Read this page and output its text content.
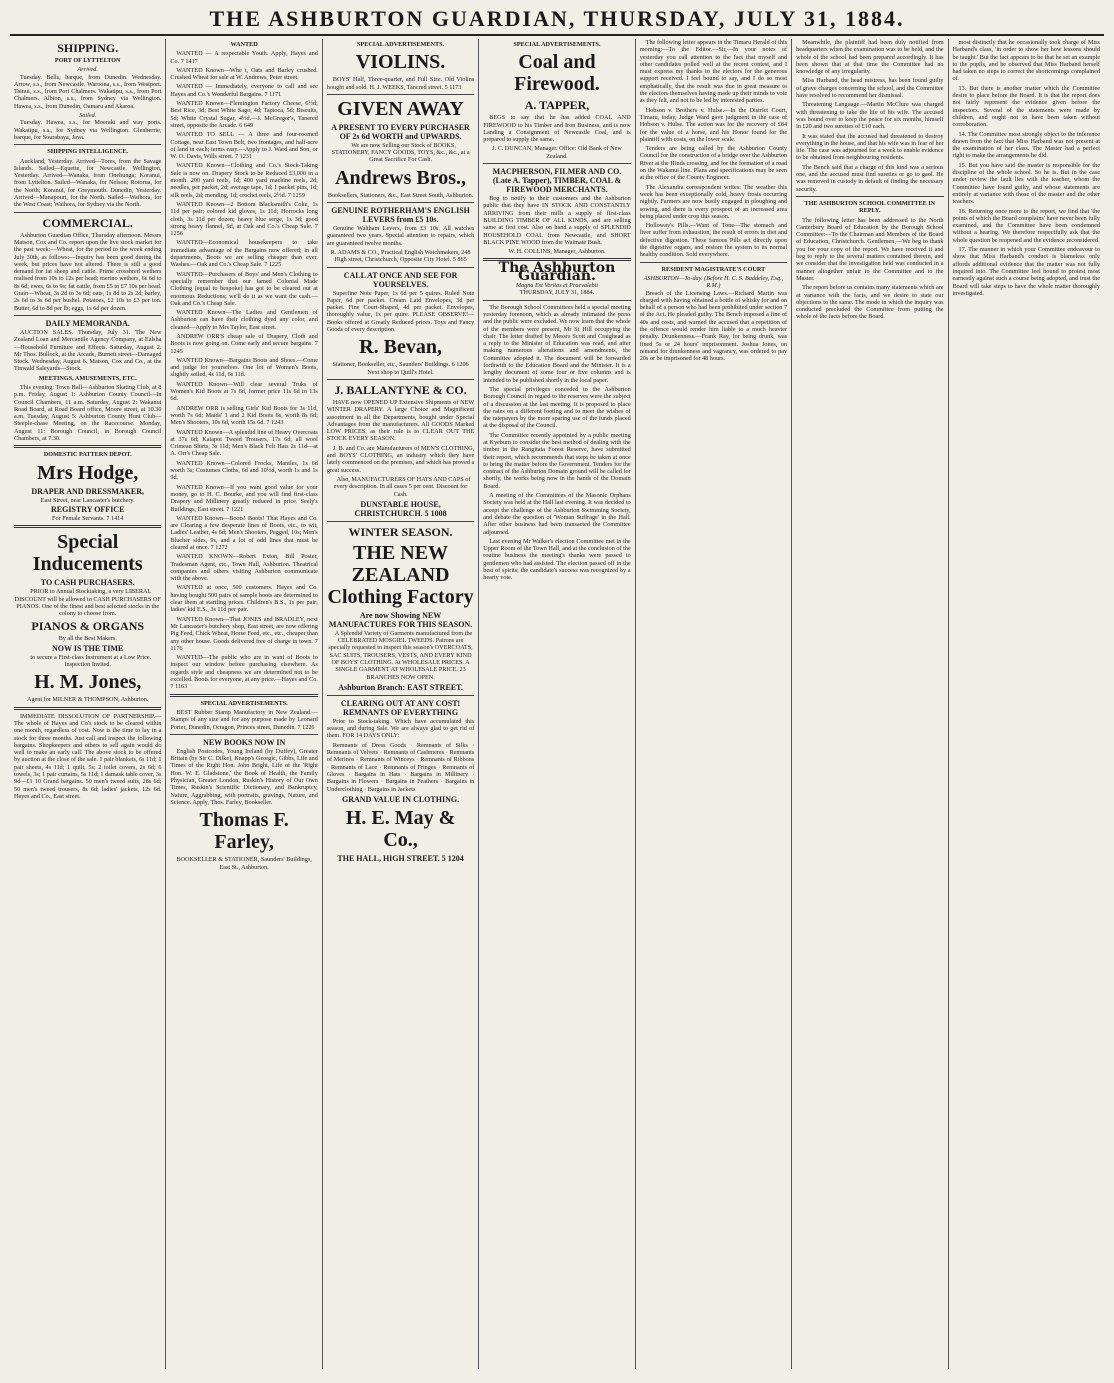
THE ASHBURTON GUARDIAN, THURSDAY, JULY 31, 1884.
SHIPPING.
PORT OF LYTTELTON
Arrived.

Tuesday. Bells, barque, from Dunedin. Wednesday. Arrow, s.s., from Newcastle. Waroona, s.s., from Westport. Tainui, s.s., from Port Chalmers. Wakatipu, s.s., from Port Chalmers. Albion, s.s., from Sydney via Wellington. Hawea, s.s., from Dunedin, Oamaru and Akaroa.

Sailed.

Tuesday. Hawea, s.s., for Moeraki and way ports. Wakatipu, s.s., for Sydney via Wellington. Glenberrie, barque, for Sourabaya, Java.

SHIPPING INTELLIGENCE.

Auckland, Yesterday. Arrived—Tores, from the Savage Islands. Sailed—Equette, for Newcastle. Wellington, Yesterday. Arrived—Wanaka, from Onehunga; Koranui, from Lyttelton. Sailed—Wanaka, for Nelson; Rotorua, for the North; Koranui, for Greymouth. Dunedin, Yesterday. Arrived—Manapouri, for the North. Sailed—Waihora, for the West Coast; Waihora, for Sydney via the North.

COMMERCIAL.

Ashburton Guardian Office, Thursday afternoon. Messrs Matson, Cox and Co. report upon the live stock market for the past week:—Wheat, for the period to the week ending July 30th, as follows:—Inquiry has been good during the week, but prices have not altered. There is still a good demand for fat sheep and cattle. Prime crossbred wethers realised from 10s to 12s per head; merino wethers, 6s 6d to 8s 6d; ewes, 6s to 9s; fat cattle, from £5 to £7 10s per head. Grain—Wheat, 3s 2d to 3s 6d; oats, 1s 8d to 2s 2d; barley, 2s 6d to 3s 6d per bushel. Potatoes, £2 10s to £3 per ton. Butter, 6d to 8d per lb; eggs, 1s 6d per dozen.

DAILY MEMORANDA.

AUCTION SALES. Thursday, July 31. The New Zealand Loan and Mercantile Agency Company, at Ealsha—Household Furniture and Effects. Saturday, August 2. Mr Thos. Bullock, at the Arcade, Burnett street—Damaged Stock. Wednesday, August 6. Matson, Cox and Co., at the Tinwald Saleyards—Stock.

MEETINGS, AMUSEMENTS, ETC.

This evening: Town Hall—Ashburton Skating Club, at 8 p.m. Friday, August 1: Ashburton County Council—In Council Chambers, 11 a.m. Saturday, August 2: Wakanui Road Board, at Road Board office, Moore street, at 10.30 a.m. Tuesday, August 5: Ashburton County Hunt Club—Steeple-chase Meeting, on the Racecourse. Monday, August 11: Borough Council, in Borough Council Chambers, at 7.30.

DOMESTIC PATTERN DEPOT.
Mrs Hodge,
DRAPER AND DRESSMAKER,
East Street, near Lancaster's butchery.
REGISTRY OFFICE
For Female Servants. 7 1414
Special Inducements
TO CASH PURCHASERS.

PRIOR to Annual Stocktaking, a very LIBERAL DISCOUNT will be allowed to CASH PURCHASERS OF PIANOS. One of the finest and best selected stocks in the colony to choose from.

PIANOS & ORGANS
By all the Best Makers.
NOW IS THE TIME

to secure a First-class Instrument at a Low Price. Inspection Invited.

H. M. Jones,
Agent for MILNER & THOMPSON, Ashburton.

IMMEDIATE DISSOLUTION OF PARTNERSHIP.—The whole of Hayes and Co's stock to be cleared within one month, regardless of cost. Now is the time to lay in a stock for three months. Just call and inspect the following bargains. Shopkeepers and others to sell again would do well to make an early call. The above stock to be offered by auction at the close of the sale. 1 pair blankets, 6s 11d; 1 pair sheets, 4s 11d; 1 quilt, 5s; 2 toilet covers, 2s 6d; 6 towels, 3s; 1 pair curtains, 5s 11d; 1 damask table cover, 3s 9d—£1 10 Grand bargains. 50 men's tweed suits, 28s 6d; 50 men's tweed trousers, 8s 6d; ladies' jackets, 12s 6d. Hayes and Co., East street.

WANTED

WANTED — A respectable Youth. Apply, Hayes and Co. 7 1417

WANTED Known—Whe t, Oats and Barley crushed. Crushed Wheat for sale at W. Andrews, Peter street.

WANTED — Immediately, everyone to call and see Hayes and Co.'s Wonderful Bargains. 7 1171

WANTED Known—Flemington Factory Cheese, 6½d; Best Rice, 3d; Best White Sago, 4d; Tapioca, 5d; Biscuits, 5d; White Crystal Sugar, 4½d.—J. McGregor's, Tanered street, opposite the Arcade. 6 649

WANTED TO SELL — A three and four-roomed Cottage, near East Town Belt, two frontages, and half-acre of land in each; terms easy.—Apply to J. Ward and Son, or W. O. Davis, Wills street. 7 1231

WANTED Known—Clothing and Co.'s Stock-Taking Sale is now on. Drapery Stock to be Reduced £3,000 in a month. 200 yard reels, 1d; 400 yard machine reels, 2d; needles, per packet, 2d; average tape, 1d; 1 packet pins, 1d; silk reels, 2d; mending, 1d; crochet reels, 2½d. 7 1259

WANTED Known—2 Bottom Blacksmith's Coke, 1s 11d per pair; colored kid gloves, 1s 11d; Horrocks long cloth, 3s 11d per dozen; heavy blue serge, 1s 3d; good strong heavy flannel, 9d, at Oak and Co.'s Cheap Sale. 7 1256

WANTED—Economical housekeepers to take immediate advantage of the Bargains now offered; in all departments, Boots we are selling cheaper than ever. Washes.—Oak and Co.'s Cheap Sale. 7 1225

WANTED—Purchasers of Boys' and Men's Clothing to specially remember that our famed Colonial Made Clothing (equal to bespoke) has got to be cleared out at enormous Reductions; we'll do it as we want the cash.—Oak and Co.'s Cheap Sale.

WANTED Known—The Ladies and Gentlemen of Ashburton can have their clothing dyed any color, and cleaned—Apply to Mrs Taylor, East street.

ANDREW ORR'S cheap sale of Drapery, Cloth and Boots is now going on. Come early and secure bargains. 7 1245

WANTED Known—Bargains Boots and Shoes.—Come and judge for yourselves. One lot of Women's Boots, slightly soiled, 4s 11d, 6s 11d.

WANTED Known—Will clear several Truks of Women's Kid Boots at 7s 6d, former price 11s 6d to 13s 6d.

ANDREW ORR is selling Girls' Kid Boots for 3s 11d, worth 7s 6d; Maids' 1 and 2 Kid Boots 6s, worth 8s 6d; Men's Shooters, 10s 6d, worth 15s 6d. 7 1243

WANTED Known—A splendid line of Heavy Overcoats at 37s 6d; Kaiapoi Tweed Trousers, 17s 6d; all wool Crimean Shirts, 3s 11d; Men's Black Felt Hats 2s 11d—at A. Orr's Cheap Sale.

WANTED Known—Colored Frocks, Mantles, 1s 6d worth 3s; Costumes Cloths, 6d and 10½d, worth 1s and 1s 9d.

WANTED Known—If you want good value for your money, go to H. C. Bourke, and you will find first-class Drapery and Millinery greatly reduced in price. Seely's Buildings, East street. 7 1221

WANTED Known—Boots! Boots! That Hayes and Co. are Clearing a few desperate lines of Boots, etc., to wit, Ladies' Leather, 4s 6d; Men's Shooters, Pegged, 10s; Men's Blucher sides, 9s, and a lot of odd lines that must be cleared at once. 7 1272

WANTED KNOWN—Robert Exton, Bill Poster, Tradesman Agent, etc., Town Hall, Ashburton. Theatrical companies and others visiting Ashburton communicate with the above.

WANTED at once, 500 customers. Hayes and Co. having bought 500 pairs of sample boots are determined to clear them at startling prices. Children's B.S., 1s per pair; ladies' kid E.S., 3s 11d per pair.

WANTED Known—That JONES and BRADLEY, next Mr Lancaster's butchery shop, East street, are now offering Pig Feed, Chick Wheat, Horse Feed, etc., etc., cheaper than any other house. Goods delivered free of charge in town. 7 1176

WANTED—The public who are in want of Boots to inspect our window before purchasing elsewhere. As regards style and cheapness we are determined not to be excelled. Boots for everyone, at any price.—Hayes and Co. 7 1163

SPECIAL ADVERTISEMENTS.

BEST Rubber Stamp Manufactory in New Zealand.—Stamps of any size and for any purpose made by Leonard Porter, Dunedin, Octagon, Princes street, Dunedin. 7 1226

NEW BOOKS NOW IN

English Postcodes, Young Ireland (by Duffey), Greater Britain (by Sir C. Dilke), Knapp's Georgic, Gibbs, Life and Times of the Right Hon. John Bright, Life of the 'Right Hon. W. E. Gladstone,' the Book of Health, the Family Physician, Greater London, Ruskin's History of Our Own Times, Ruskin's Scientific Dictionary, and Bankruptcy, Nature, Aggrabbing, with portraits, gravings, Nature, and Science. Apply, Thos. Farley, Bookseller.

Thomas F. Farley,
BOOKSELLER & STATIONER, Saunders' Buildings, East St., Ashburton.
SPECIAL ADVERTISEMENTS.
VIOLINS.

BOYS' Half, Three-quarter, and Full Size. Old Violins bought and sold. H. J. WEEKS, Tancred street. 5 1173

GIVEN AWAY
A PRESENT TO EVERY PURCHASER OF 2s 6d WORTH and UPWARDS.

We are now Selling our Stock of BOOKS, STATIONERY, FANCY GOODS, TOYS, &c., &c., at a Great Sacrifice For Cash.

Andrews Bros.,
Booksellers, Stationers, &c., East Street South, Ashburton.
GENUINE ROTHERHAM'S ENGLISH LEVERS from £5 10s.

Genuine Waltham Levers, from £3 10s. All watches guaranteed two years. Special attention to repairs, which are guaranteed twelve months.

R. ADAMS & CO., Practical English Watchmakers, 248 High street, Christchurch, Opposite City Hotel. 5 865
CALL AT ONCE AND SEE FOR YOURSELVES.

Superfine Note Paper, 1s 6d per 5 quires. Ruled Note Paper, 6d per packet. Cream Laid Envelopes, 3d per packet. Fine Court-Shaped, 4d per packet. Envelopes, thoroughly value, 1s per quire. PLEASE OBSERVE!—Books offered at Greatly Reduced prices. Toys and Fancy Goods of every description.

R. Bevan,
Stationer, Bookseller, etc., Saunders' Buildings. 6 1206 Next shop to Quill's Hotel.
J. BALLANTYNE & CO.

HAVE now OPENED UP Extensive Shipments of NEW WINTER DRAPERY. A large Choice and Magnificent assortment in all the Departments, bought under Special Advantages from the manufacturers. All GOODS Marked LOW PRICES, as their rule is to CLEAR OUT THE STOCK EVERY SEASON.

J. B. and Co. are Manufacturers of MEN'S CLOTHING, and BOYS' CLOTHING, an industry which they have lately commenced on the premises, and which has proved a great success.

Also, MANUFACTURERS OF HATS AND CAPS of every description. In all cases 5 per cent. Discount for Cash.

DUNSTABLE HOUSE, CHRISTCHURCH. 5 1008
WINTER SEASON.
THE NEW ZEALAND Clothing Factory
Are now Showing NEW MANUFACTURES FOR THIS SEASON.

A Splendid Variety of Garments manufactured from the CELEBRATED MOSGIEL TWEEDS. Patrons are specially requested to inspect this season's OVERCOATS, SAC SUITS, TROUSERS, VESTS, AND EVERY KIND OF BOYS' CLOTHING. At WHOLESALE PRICES. A SINGLE GARMENT AT WHOLESALE PRICE. 23 BRANCHES NOW OPEN.

Ashburton Branch: EAST STREET.
CLEARING OUT AT ANY COST! REMNANTS OF EVERYTHING

Prior to Stock-taking. Which have accumulated this season, and during Sale. We are always glad to get rid of them. FOR 14 DAYS ONLY:

Remnants of Dress Goods · Remnants of Silks · Remnants of Velvets · Remnants of Cashmeres · Remnants of Merinos · Remnants of Winceys · Remnants of Ribbons · Remnants of Lace · Remnants of Fringes · Remnants of Gloves · Bargains in Hats · Bargains in Millinery · Bargains in Flowers · Bargains in Feathers · Bargains in Underclothing · Bargains in Jackets

GRAND VALUE IN CLOTHING.
H. E. May & Co.,
THE HALL, HIGH STREET. 5 1204
SPECIAL ADVERTISEMENTS.
Coal and Firewood.
A. TAPPER,

BEGS to say that he has added COAL AND FIREWOOD to his Timber and Iron Business, and is now Landing a Consignment of Newcastle Coal, and is prepared to supply the same.

J. C. DUNCAN, Manager. Office: Old Bank of New Zealand.
MACPHERSON, FILMER AND CO. (Late A. Tapper), TIMBER, COAL & FIREWOOD MERCHANTS.

Beg to notify to their customers and the Ashburton public that they have IN STOCK AND CONSTANTLY ARRIVING from their mills a supply of first-class BUILDING TIMBER OF ALL KINDS, and are selling same at first cost. Also on hand a supply of SPLENDID HOUSEHOLD COAL from Newcastle, and SHORT BLACK PINE WOOD from the Waimate Bush.

W. H. COLLINS, Manager, Ashburton.
The Ashburton Guardian.
Magna Est Veritas et Praevalebit
THURSDAY, JULY 31, 1884.

The Borough School Committees held a special meeting yesterday forenoon, which as already intimated the press and the public were excluded. We now learn that the whole of the members were present, Mr St Hill occupying the chair. The letter drafted by Messrs Scott and Craighead as a reply to the Minister of Education was read, and after making numerous alterations and amendments, the Committee adopted it. The document will be forwarded forthwith to the Education Board and the Minister. It is a lengthy document of some four or five columns and is intended to be published shortly in the local paper.

The special privileges conceded to the Ashburton Borough Council in regard to the reserves were the subject of a discussion at the last meeting. It is proposed to place the rates on a different footing and to meet the wishes of the ratepayers by the more sparing use of the funds placed at the disposal of the Council.

The Committee recently appointed by a public meeting at Kyeburn to consider the best method of dealing with the timber in the Rangitata Forest Reserve, have submitted their report, which recommends that steps be taken at once to bring the matter before the Government. Tenders for the contract of the Ashburton Domain ground will be called for shortly, the works being now in the hands of the Domain Board.

A meeting of the Committees of the Masonic Orphans Society was held at the Hall last evening. It was decided to accept the challenge of the Ashburton Swimming Society, and debate the question of 'Woman Suffrage' in the Hall. After other business had been transacted the Committee adjourned.

Last evening Mr Walker's election Committee met in the Upper Room of the Town Hall, and at the conclusion of the routine business the meeting's thanks were passed to gentlemen who had assisted. The election passed off in the best of spirits; the candidate's success was recognized by a hearty vote.

The following letter appears in the Timaru Herald of this morning:—To the Editor.—Sir,—In your notes of yesterday you call attention to the fact that myself and other candidates polled well at the recent contest, and I must express my thanks to the electors for the generous support received. I feel bound to say, and I do so most emphatically, that the result was due in great measure to the electors themselves having made up their minds to vote as they felt, and not to be led by interested parties.

Hobson v. Brothers v. Hulse.—In the District Court, Timaru, today, Judge Ward gave judgment in the case of Hobson v. Hulse. The action was for the recovery of £84 for the value of a horse, and his Honor found for the plaintiff with costs, on the lower scale.

Tenders are being called by the Ashburton County Council for the construction of a bridge over the Ashburton River at the Hinds crossing, and for the formation of a road on the Wakanui line. Plans and specifications may be seen at the office of the County Engineer.

The Alexandra correspondent writes: The weather this week has been exceptionally cold, heavy frosts occurring nightly. Farmers are now busily engaged in ploughing and sowing, and there is every prospect of an increased area being placed under crop this season.

Holloway's Pills.—Want of Tone—The stomach and liver suffer from exhaustion, the result of errors in diet and defective digestion. These famous Pills act directly upon the digestive organs, and restore the system to its normal healthy condition. Sold everywhere.

RESIDENT MAGISTRATE'S COURT
ASHBURTON—To-day. (Before H. C. S. Baddeley, Esq., R.M.)

Breach of the Licensing Laws.—Richard Martin was charged with having obtained a bottle of whisky for and on behalf of a person who had been prohibited under section 7 of the Act. He pleaded guilty. The Bench imposed a fine of 40s and costs, and warned the accused that a repetition of the offence would render him liable to a much heavier penalty. Drunkenness.—Frank Ray, for being drunk, was fined 5s or 24 hours' imprisonment. Joshua Jones, on remand for drunkenness and vagrancy, was ordered to pay 20s or be imprisoned for 48 hours.

Meanwhile, the plaintiff had been duly notified from headquarters when the examination was to be held, and the whole of the school had been prepared accordingly. It has been shown that at that time the Committee had no knowledge of any irregularity.

Miss Harband, the head mistress, has been found guilty of grave charges concerning the school, and the Committee have resolved to recommend her dismissal.

Threatening Language.—Martin McClure was charged with threatening to take the life of his wife. The accused was bound over to keep the peace for six months, himself in £20 and two sureties of £10 each.

It was stated that the accused had threatened to destroy everything in the house, and that his wife was in fear of her life. The case was adjourned for a week to enable evidence to be obtained from neighbouring residents.

The Bench said that a charge of this kind was a serious one, and the accused must find sureties or go to gaol. He was removed in custody in default of finding the necessary security.

THE ASHBURTON SCHOOL COMMITTEE IN REPLY.

The following letter has been addressed to the North Canterbury Board of Education by the Borough School Committee:—To the Chairman and Members of the Board of Education, Christchurch. Gentlemen,—We beg to thank you for your copy of the report. We have received it and beg to reply to the several matters contained therein, and we consider that the investigation held was conducted in a manner altogether unfair to the Committee and to the Master.

The report before us contains many statements which are at variance with the facts, and we desire to state our objections to the same. The mode in which the inquiry was conducted precluded the Committee from putting the whole of the facts before the Board.

most distinctly that he occasionally took charge of Miss Harband's class, 'in order to show her how lessons should be taught.' But the fact appears to be that he set an example to the pupils, and he observed that Miss Harband herself had taken no steps to correct the shortcomings complained of.

13. But there is another matter which the Committee desire to place before the Board. It is that the report does not fairly represent the evidence given before the inspectors. Several of the statements were made by children, and ought not to have been taken without corroboration.

14. The Committee most strongly object to the inference drawn from the fact that Miss Harband was not present at the examination of her class. The Master had a perfect right to make the arrangements he did.

15. But you have said the master is responsible for the discipline of the whole school. So he is. But in the case under review the fault lies with the teacher, whom the Committee have found guilty, and whose statements are entirely at variance with those of the master and the other teachers.

16. Returning once more to the report, we find that 'the points of which the Board complains' have never been fully examined, and the Committee have been condemned without a hearing. We therefore respectfully ask that the whole question be reopened and the evidence reconsidered.

17. The manner in which your Committee endeavour to show that Miss Harband's conduct is blameless only affords additional evidence that the matter was not fully inquired into. The Committee feel bound to protest most earnestly against such a course being adopted, and trust the Board will take steps to have the whole matter thoroughly investigated.
